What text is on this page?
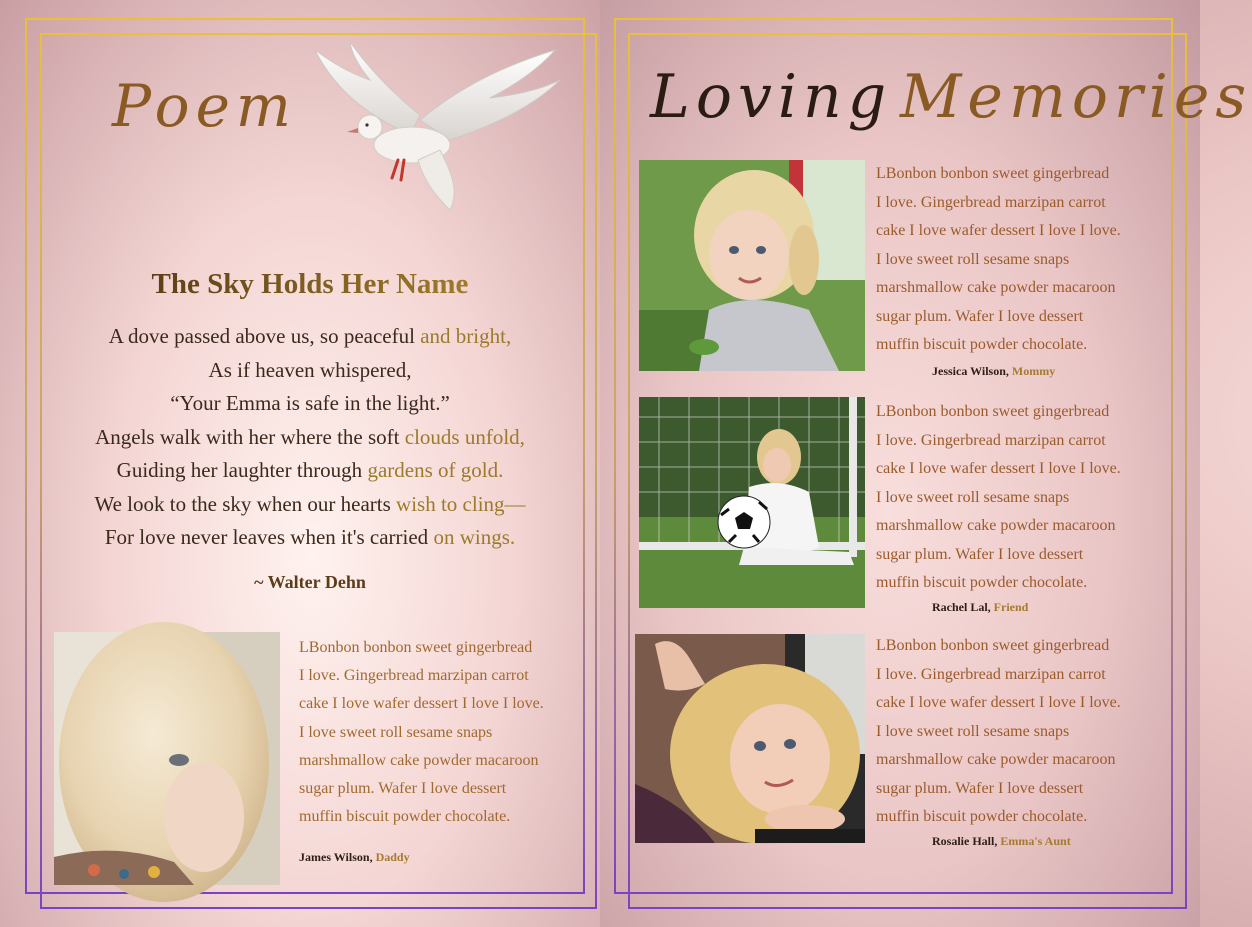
Poem
The Sky Holds Her Name
A dove passed above us, so peaceful and bright,
As if heaven whispered,
“Your Emma is safe in the light.”
Angels walk with her where the soft clouds unfold,
Guiding her laughter through gardens of gold.
We look to the sky when our hearts wish to cling—
For love never leaves when it's carried on wings.
~ Walter Dehn
LBonbon bonbon sweet gingerbread
I love. Gingerbread marzipan carrot
cake I love wafer dessert I love I love.
I love sweet roll sesame snaps
marshmallow cake powder macaroon
sugar plum. Wafer I love dessert
muffin biscuit powder chocolate.
James Wilson, Daddy
Loving Memories
LBonbon bonbon sweet gingerbread
I love. Gingerbread marzipan carrot
cake I love wafer dessert I love I love.
I love sweet roll sesame snaps
marshmallow cake powder macaroon
sugar plum. Wafer I love dessert
muffin biscuit powder chocolate.
Jessica Wilson, Mommy
LBonbon bonbon sweet gingerbread
I love. Gingerbread marzipan carrot
cake I love wafer dessert I love I love.
I love sweet roll sesame snaps
marshmallow cake powder macaroon
sugar plum. Wafer I love dessert
muffin biscuit powder chocolate.
Rachel Lal, Friend
LBonbon bonbon sweet gingerbread
I love. Gingerbread marzipan carrot
cake I love wafer dessert I love I love.
I love sweet roll sesame snaps
marshmallow cake powder macaroon
sugar plum. Wafer I love dessert
muffin biscuit powder chocolate.
Rosalie Hall, Emma's Aunt
